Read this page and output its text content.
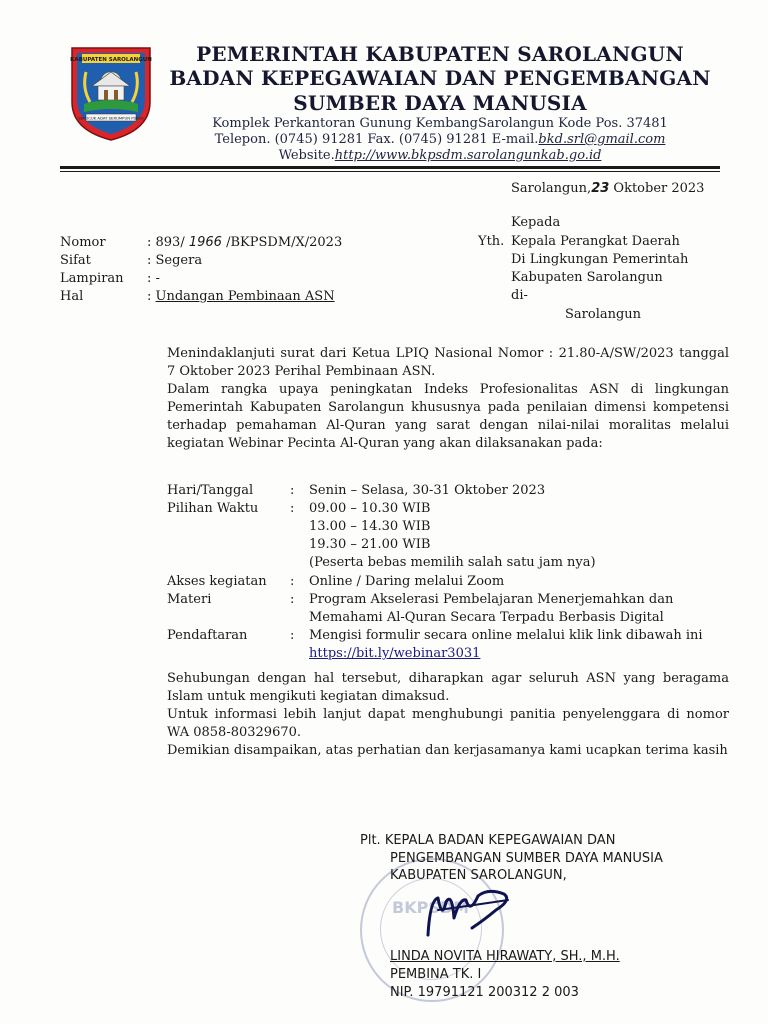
KABUPATEN SAROLANGUN
SEPUCUK ADAT SERUMPUN PSEKO
PEMERINTAH KABUPATEN SAROLANGUN
BADAN KEPEGAWAIAN DAN PENGEMBANGAN
SUMBER DAYA MANUSIA
Komplek Perkantoran Gunung KembangSarolangun Kode Pos. 37481
Telepon. (0745) 91281 Fax. (0745) 91281 E-mail.bkd.srl@gmail.com
Website.http://www.bkpsdm.sarolangunkab.go.id
Sarolangun,23 Oktober 2023
Kepada
Yth. Kepala Perangkat Daerah
Di Lingkungan Pemerintah
Kabupaten Sarolangun
di-
Sarolangun
Nomor	: 893/ 1966 /BKPSDM/X/2023
Sifat	: Segera
Lampiran : -
Hal	: Undangan Pembinaan ASN
Menindaklanjuti surat dari Ketua LPIQ Nasional Nomor : 21.80-A/SW/2023 tanggal 7 Oktober 2023 Perihal Pembinaan ASN.
Dalam rangka upaya peningkatan Indeks Profesionalitas ASN di lingkungan Pemerintah Kabupaten Sarolangun khususnya pada penilaian dimensi kompetensi terhadap pemahaman Al-Quran yang sarat dengan nilai-nilai moralitas melalui kegiatan Webinar Pecinta Al-Quran yang akan dilaksanakan pada:
Hari/Tanggal	: Senin – Selasa, 30-31 Oktober 2023
Pilihan Waktu : 09.00 – 10.30 WIB
13.00 – 14.30 WIB
19.30 – 21.00 WIB
(Peserta bebas memilih salah satu jam nya)
Akses kegiatan : Online / Daring melalui Zoom
Materi	: Program Akselerasi Pembelajaran Menerjemahkan dan
Memahami Al-Quran Secara Terpadu Berbasis Digital
Pendaftaran	: Mengisi formulir secara online melalui klik link dibawah ini
https://bit.ly/webinar3031
Sehubungan dengan hal tersebut, diharapkan agar seluruh ASN yang beragama Islam untuk mengikuti kegiatan dimaksud.
Untuk informasi lebih lanjut dapat menghubungi panitia penyelenggara di nomor WA 0858-80329670.
Demikian disampaikan, atas perhatian dan kerjasamanya kami ucapkan terima kasih
BKPSDM
Plt. KEPALA BADAN KEPEGAWAIAN DAN
PENGEMBANGAN SUMBER DAYA MANUSIA
KABUPATEN SAROLANGUN,
LINDA NOVITA HIRAWATY, SH., M.H.
PEMBINA TK. I
NIP. 19791121 200312 2 003
